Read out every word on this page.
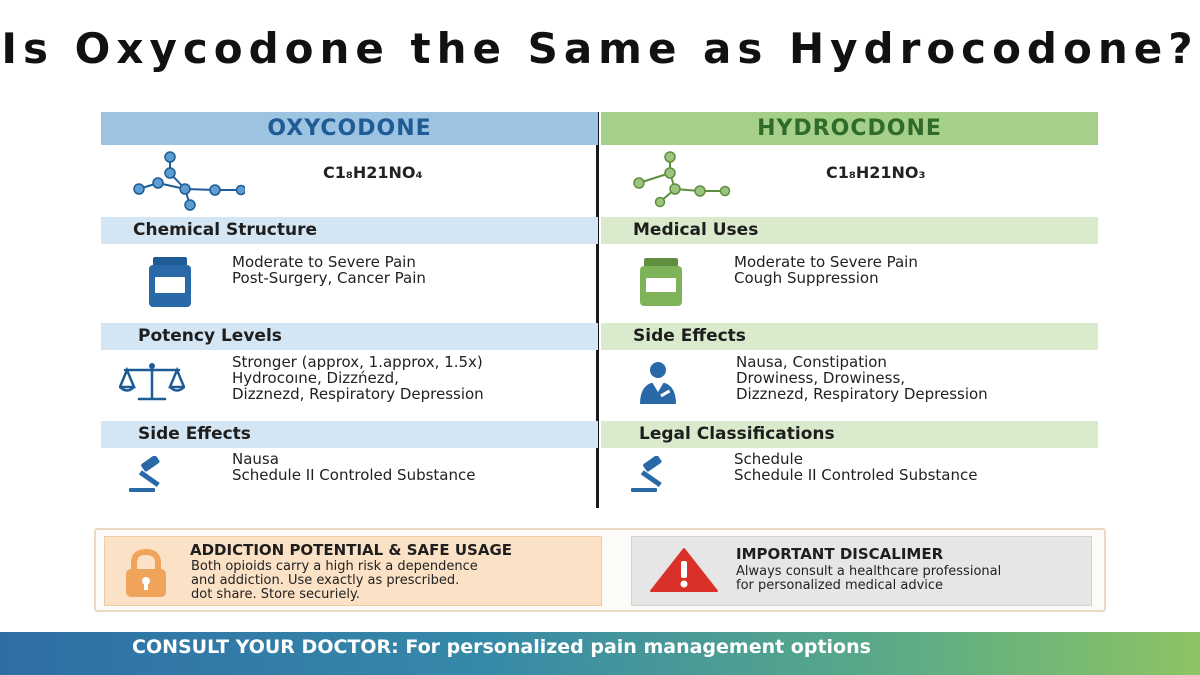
Is Oxycodone the Same as Hydrocodone?
OXYCODONE
C1₈H21NO₄
Chemical Structure
Moderate to Severe Pain
Post-Surgery, Cancer Pain
Potency Levels
Stronger (approx, 1.approx, 1.5x)
Hydrocoıne, Dizzńezd,
Dizznezd, Respiratory Depression
Side Effects
Nausa
Schedule II Controled Substance
HYDROCDONE
C1₈H21NO₃
Medical Uses
Moderate to Severe Pain
Cough Suppression
Side Effects
Nausa, Constipation
Drowiness, Drowiness,
Dizznezd, Respiratory Depression
Legal Classifications
Schedule
Schedule II Controled Substance
ADDICTION POTENTIAL & SAFE USAGE
Both opioids carry a high risk a dependence
and addiction. Use exactly as prescribed.
dot share. Store securiely.
IMPORTANT DISCALIMER
Always consult a healthcare professional
for personalized medical advice
CONSULT YOUR DOCTOR: For personalized pain management options
